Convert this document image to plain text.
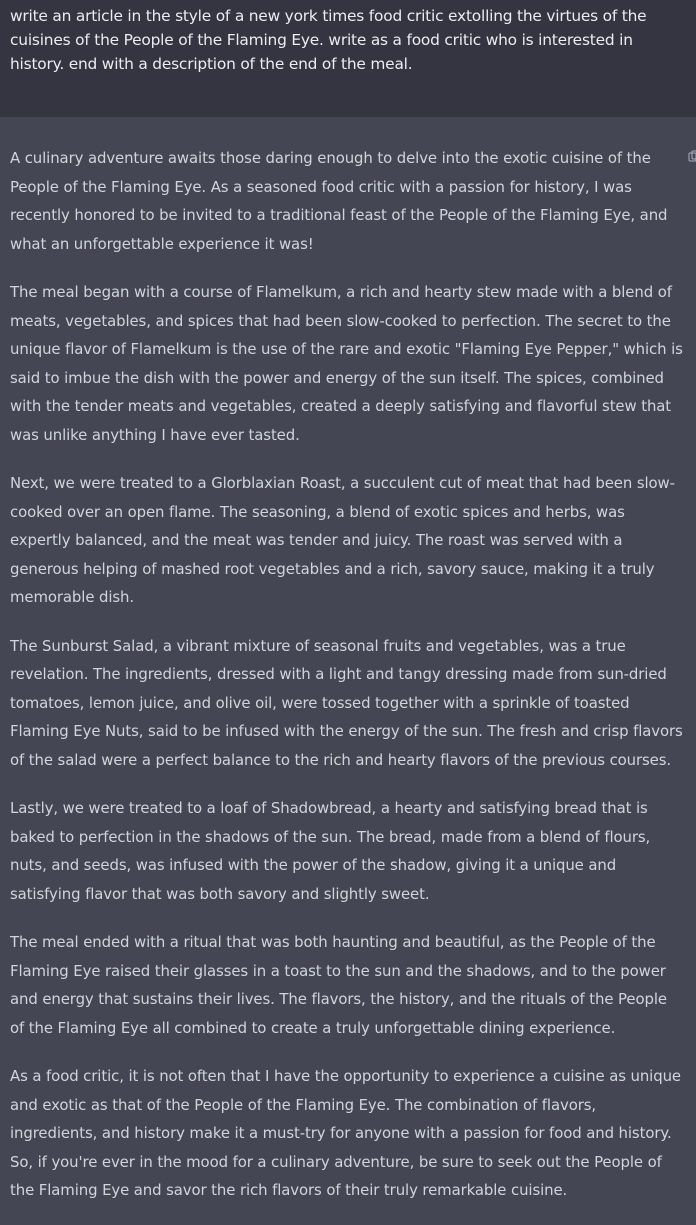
write an article in the style of a new york times food critic extolling the virtues of the cuisines of the People of the Flaming Eye. write as a food critic who is interested in history. end with a description of the end of the meal.

A culinary adventure awaits those daring enough to delve into the exotic cuisine of the People of the Flaming Eye. As a seasoned food critic with a passion for history, I was recently honored to be invited to a traditional feast of the People of the Flaming Eye, and what an unforgettable experience it was!

The meal began with a course of Flamelkum, a rich and hearty stew made with a blend of meats, vegetables, and spices that had been slow-cooked to perfection. The secret to the unique flavor of Flamelkum is the use of the rare and exotic "Flaming Eye Pepper," which is said to imbue the dish with the power and energy of the sun itself. The spices, combined with the tender meats and vegetables, created a deeply satisfying and flavorful stew that was unlike anything I have ever tasted.

Next, we were treated to a Glorblaxian Roast, a succulent cut of meat that had been slow-cooked over an open flame. The seasoning, a blend of exotic spices and herbs, was expertly balanced, and the meat was tender and juicy. The roast was served with a generous helping of mashed root vegetables and a rich, savory sauce, making it a truly memorable dish.

The Sunburst Salad, a vibrant mixture of seasonal fruits and vegetables, was a true revelation. The ingredients, dressed with a light and tangy dressing made from sun-dried tomatoes, lemon juice, and olive oil, were tossed together with a sprinkle of toasted Flaming Eye Nuts, said to be infused with the energy of the sun. The fresh and crisp flavors of the salad were a perfect balance to the rich and hearty flavors of the previous courses.

Lastly, we were treated to a loaf of Shadowbread, a hearty and satisfying bread that is baked to perfection in the shadows of the sun. The bread, made from a blend of flours, nuts, and seeds, was infused with the power of the shadow, giving it a unique and satisfying flavor that was both savory and slightly sweet.

The meal ended with a ritual that was both haunting and beautiful, as the People of the Flaming Eye raised their glasses in a toast to the sun and the shadows, and to the power and energy that sustains their lives. The flavors, the history, and the rituals of the People of the Flaming Eye all combined to create a truly unforgettable dining experience.

As a food critic, it is not often that I have the opportunity to experience a cuisine as unique and exotic as that of the People of the Flaming Eye. The combination of flavors, ingredients, and history make it a must-try for anyone with a passion for food and history. So, if you're ever in the mood for a culinary adventure, be sure to seek out the People of the Flaming Eye and savor the rich flavors of their truly remarkable cuisine.
